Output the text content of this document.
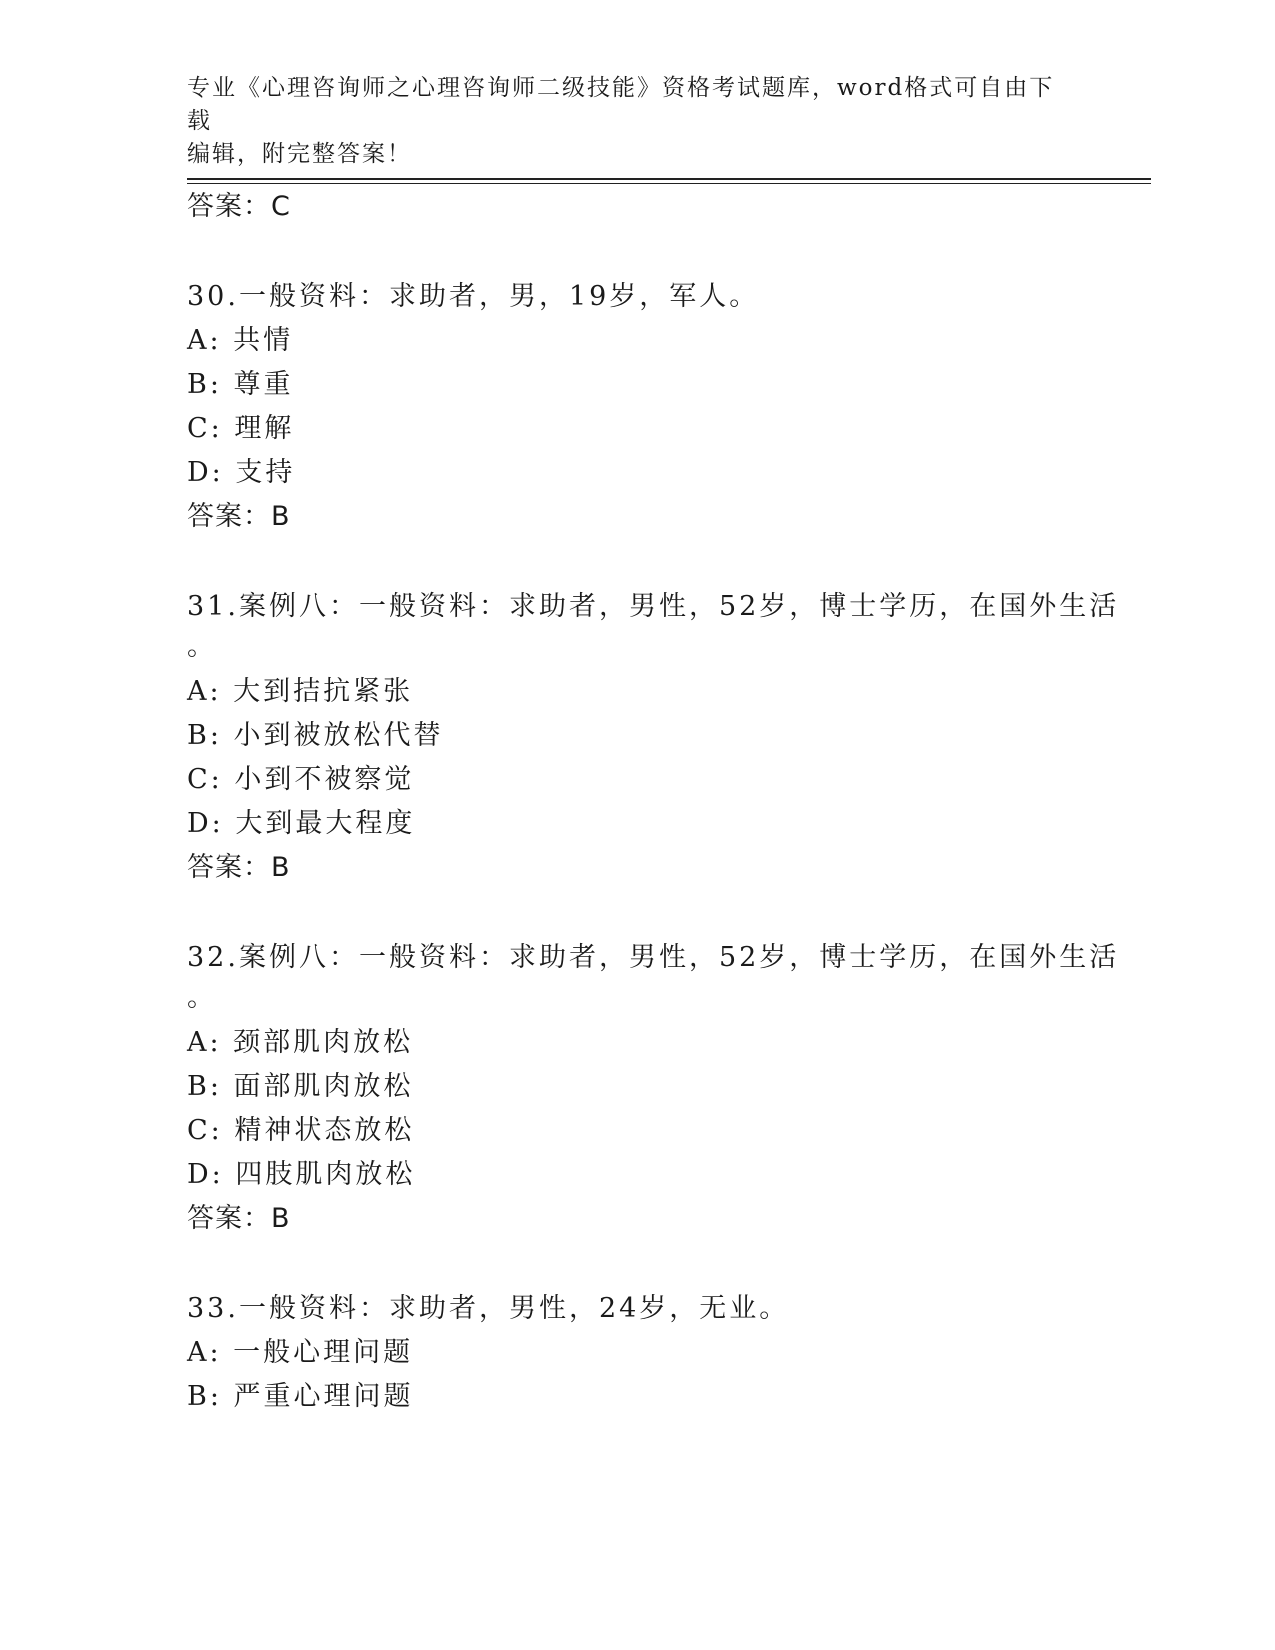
专业《心理咨询师之心理咨询师二级技能》资格考试题库，word格式可自由下载

编辑，附完整答案！

答案：C
30.一般资料：求助者，男，19岁，军人。
A: 共情
B: 尊重
C: 理解
D: 支持
答案：B
31.案例八：一般资料：求助者，男性，52岁，博士学历，在国外生活
。
A: 大到拮抗紧张
B: 小到被放松代替
C: 小到不被察觉
D: 大到最大程度
答案：B
32.案例八：一般资料：求助者，男性，52岁，博士学历，在国外生活
。
A: 颈部肌肉放松
B: 面部肌肉放松
C: 精神状态放松
D: 四肢肌肉放松
答案：B
33.一般资料：求助者，男性，24岁，无业。
A: 一般心理问题
B: 严重心理问题
